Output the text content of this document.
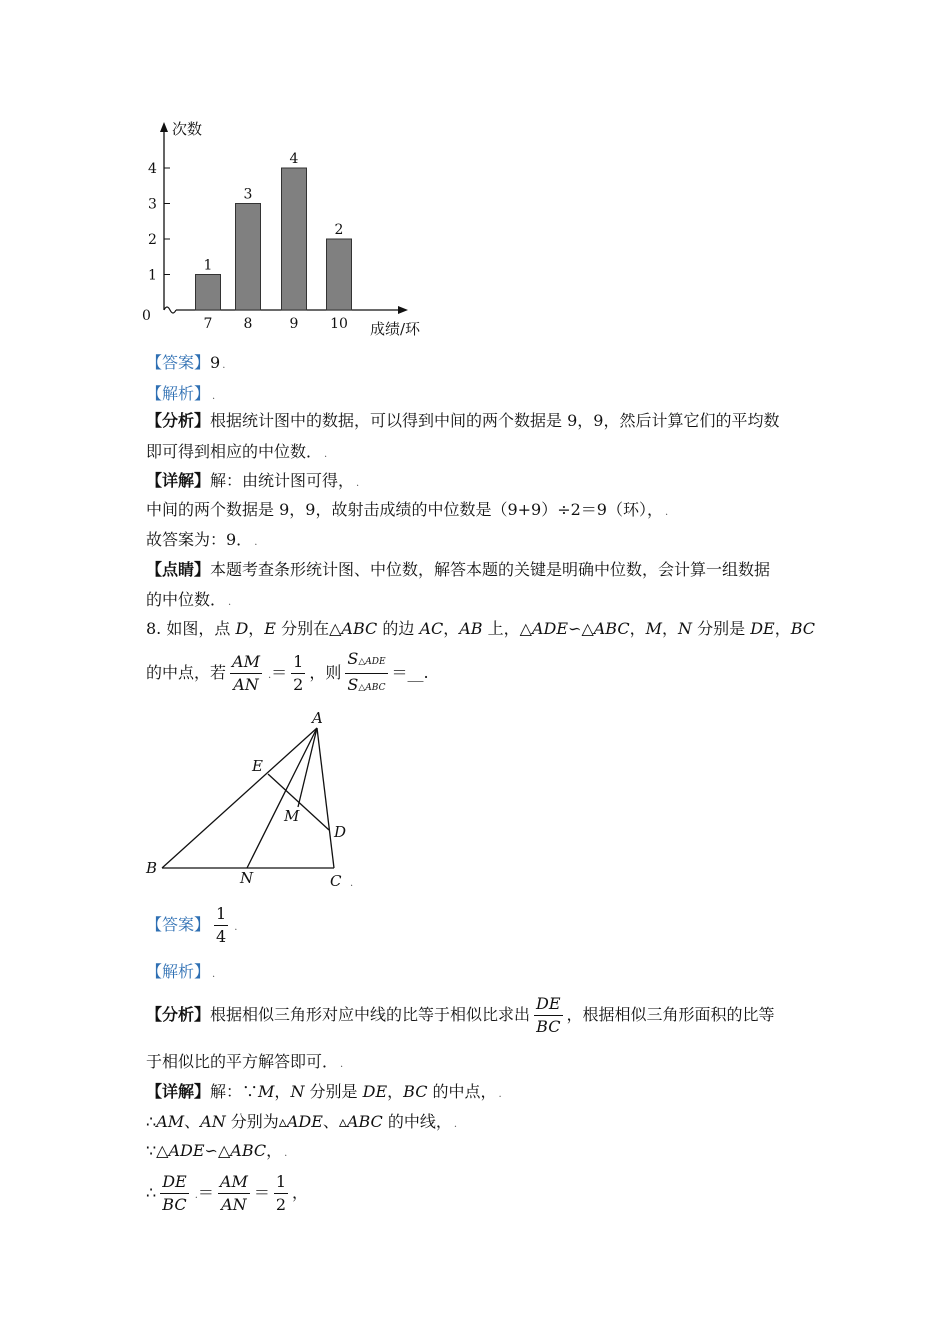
0
1
2
3
4
次数
成绩/环
1
7
3
8
4
9
2
10
【答案】9 .
【解析】 .
【分析】根据统计图中的数据，可以得到中间的两个数据是 9，9，然后计算它们的平均数
即可得到相应的中位数． .
【详解】解：由统计图可得， .
中间的两个数据是 9，9，故射击成绩的中位数是（9+9）÷2＝9（环）， .
故答案为：9． .
【点睛】本题考查条形统计图、中位数，解答本题的关键是明确中位数，会计算一组数据
的中位数． .
8. 如图，点 D，E 分别在△ABC 的边 AC，AB 上，△ADE∽△ABC，M，N 分别是 DE，BC
的中点，若 $\frac{AM}{AN}$ .＝ $\frac{1}{2}$ ，则 $\frac{\text{S△ADE}}{\text{S△ABC}}$ ＝__.
A
B
C
D
E
M
N	.
【答案】 $\frac{1}{4}$ .
【解析】 .
【分析】根据相似三角形对应中线的比等于相似比求出 $\frac{DE}{BC}$ ，根据相似三角形面积的比等
于相似比的平方解答即可． .
【详解】解：∵M，N 分别是 DE，BC 的中点， .
∴AM、AN 分别为▵ADE、▵ABC 的中线， .
∵△ADE∽△ABC， .
∴ $\frac{DE}{BC}$ .＝ $\frac{AM}{AN} = \frac{1}{2}$ ，
